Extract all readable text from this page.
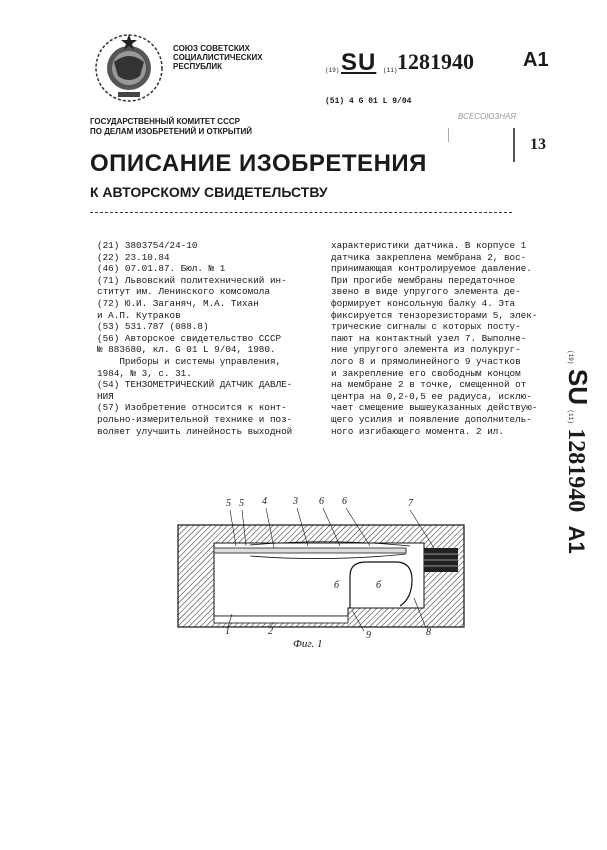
СОЮЗ СОВЕТСКИХ
СОЦИАЛИСТИЧЕСКИХ
РЕСПУБЛИК	(19) SU (11) 1281940 A1
(51) 4 G 01 L 9/04
ГОСУДАРСТВЕННЫЙ КОМИТЕТ СССР
ПО ДЕЛАМ ИЗОБРЕТЕНИЙ И ОТКРЫТИЙ
ВСЕСОЮЗНАЯ
13
ОПИСАНИЕ ИЗОБРЕТЕНИЯ
К АВТОРСКОМУ СВИДЕТЕЛЬСТВУ
(21) 3803754/24-10
(22) 23.10.84
(46) 07.01.87. Бюл. № 1
(71) Львовский политехнический ин-
ститут им. Ленинского комсомола
(72) Ю.И. Заганяч, М.А. Тихан
и А.П. Кутраков
(53) 531.787 (088.8)
(56) Авторское свидетельство СССР
№ 883680, кл. G 01 L 9/04, 1980.
Приборы и системы управления,
1984, № 3, с. 31.
(54) ТЕНЗОМЕТРИЧЕСКИЙ ДАТЧИК ДАВЛЕ-
НИЯ
(57) Изобретение относится к конт-
рольно-измерительной технике и поз-
воляет улучшить линейность выходной
характеристики датчика. В корпусе 1
датчика закреплена мембрана 2, вос-
принимающая контролируемое давление.
При прогибе мембраны передаточное
звено в виде упругого элемента де-
формирует консольную балку 4. Эта
фиксируется тензорезисторами 5, элек-
трические сигналы с которых посту-
пают на контактный узел 7. Выполне-
ние упругого элемента из полукруг-
лого 8 и прямолинейного 9 участков
и закрепление его свободным концом
на мембране 2 в точке, смещенной от
центра на 0,2-0,5 ее радиуса, исклю-
чает смещение вышеуказанных действую-
щего усилия и появление дополнитель-
ного изгибающего момента. 2 ил.
(19) SU (11) 1281940   A1
5 5 4	3 6 6	7
б	б
1	2	9	8
Фиг. 1
